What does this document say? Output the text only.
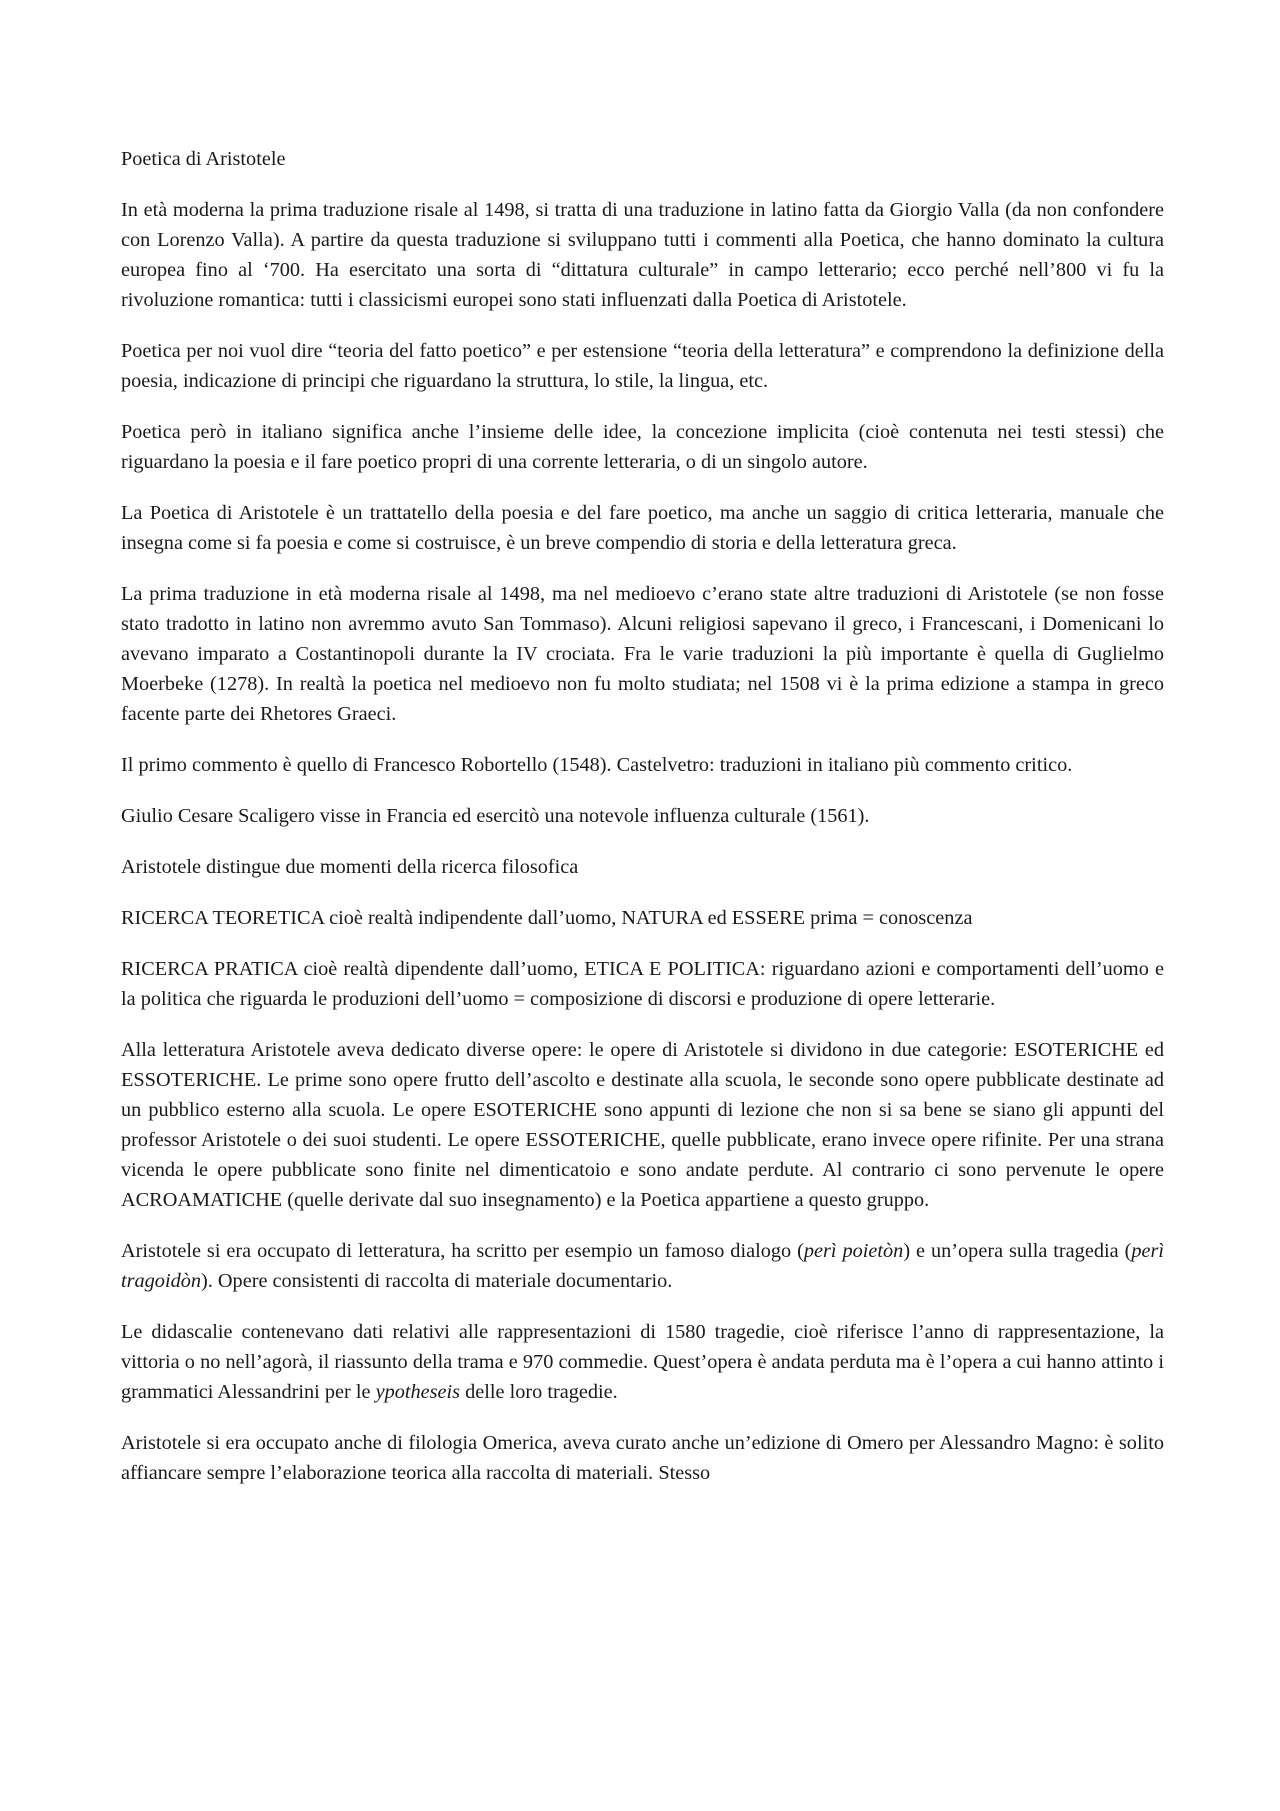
Poetica di Aristotele

In età moderna la prima traduzione risale al 1498, si tratta di una traduzione in latino fatta da Giorgio Valla (da non confondere con Lorenzo Valla). A partire da questa traduzione si sviluppano tutti i commenti alla Poetica, che hanno dominato la cultura europea fino al ‘700. Ha esercitato una sorta di “dittatura culturale” in campo letterario; ecco perché nell’800 vi fu la rivoluzione romantica: tutti i classicismi europei sono stati influenzati dalla Poetica di Aristotele.

Poetica per noi vuol dire “teoria del fatto poetico” e per estensione “teoria della letteratura” e comprendono la definizione della poesia, indicazione di principi che riguardano la struttura, lo stile, la lingua, etc.

Poetica però in italiano significa anche l’insieme delle idee, la concezione implicita (cioè contenuta nei testi stessi) che riguardano la poesia e il fare poetico propri di una corrente letteraria, o di un singolo autore.

La Poetica di Aristotele è un trattatello della poesia e del fare poetico, ma anche un saggio di critica letteraria, manuale che insegna come si fa poesia e come si costruisce, è un breve compendio di storia e della letteratura greca.

La prima traduzione in età moderna risale al 1498, ma nel medioevo c’erano state altre traduzioni di Aristotele (se non fosse stato tradotto in latino non avremmo avuto San Tommaso). Alcuni religiosi sapevano il greco, i Francescani, i Domenicani lo avevano imparato a Costantinopoli durante la IV crociata. Fra le varie traduzioni la più importante è quella di Guglielmo Moerbeke (1278). In realtà la poetica nel medioevo non fu molto studiata; nel 1508 vi è la prima edizione a stampa in greco facente parte dei Rhetores Graeci.

Il primo commento è quello di Francesco Robortello (1548). Castelvetro: traduzioni in italiano più commento critico.

Giulio Cesare Scaligero visse in Francia ed esercitò una notevole influenza culturale (1561).

Aristotele distingue due momenti della ricerca filosofica

RICERCA TEORETICA cioè realtà indipendente dall’uomo, NATURA ed ESSERE prima = conoscenza

RICERCA PRATICA cioè realtà dipendente dall’uomo, ETICA E POLITICA: riguardano azioni e comportamenti dell’uomo e la politica che riguarda le produzioni dell’uomo = composizione di discorsi e produzione di opere letterarie.

Alla letteratura Aristotele aveva dedicato diverse opere: le opere di Aristotele si dividono in due categorie: ESOTERICHE ed ESSOTERICHE. Le prime sono opere frutto dell’ascolto e destinate alla scuola, le seconde sono opere pubblicate destinate ad un pubblico esterno alla scuola. Le opere ESOTERICHE sono appunti di lezione che non si sa bene se siano gli appunti del professor Aristotele o dei suoi studenti. Le opere ESSOTERICHE, quelle pubblicate, erano invece opere rifinite. Per una strana vicenda le opere pubblicate sono finite nel dimenticatoio e sono andate perdute. Al contrario ci sono pervenute le opere ACROAMATICHE (quelle derivate dal suo insegnamento) e la Poetica appartiene a questo gruppo.

Aristotele si era occupato di letteratura, ha scritto per esempio un famoso dialogo (perì poietòn) e un’opera sulla tragedia (perì tragoidòn). Opere consistenti di raccolta di materiale documentario.

Le didascalie contenevano dati relativi alle rappresentazioni di 1580 tragedie, cioè riferisce l’anno di rappresentazione, la vittoria o no nell’agorà, il riassunto della trama e 970 commedie. Quest’opera è andata perduta ma è l’opera a cui hanno attinto i grammatici Alessandrini per le ypotheseis delle loro tragedie.

Aristotele si era occupato anche di filologia Omerica, aveva curato anche un’edizione di Omero per Alessandro Magno: è solito affiancare sempre l’elaborazione teorica alla raccolta di materiali. Stesso
